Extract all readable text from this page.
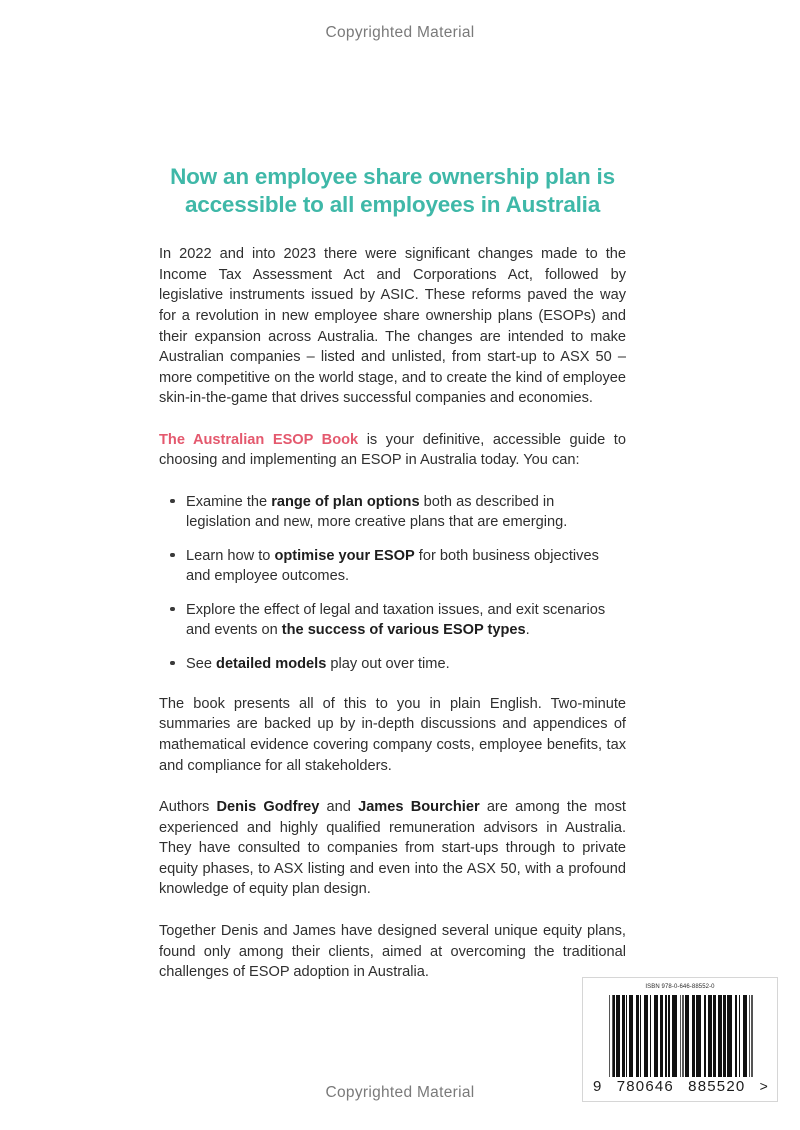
Copyrighted Material
Now an employee share ownership plan is
accessible to all employees in Australia

In 2022 and into 2023 there were significant changes made to the Income Tax Assessment Act and Corporations Act, followed by legislative instruments issued by ASIC. These reforms paved the way for a revolution in new employee share ownership plans (ESOPs) and their expansion across Australia. The changes are intended to make Australian companies – listed and unlisted, from start-up to ASX 50 – more competitive on the world stage, and to create the kind of employee skin-in-the-game that drives successful companies and economies.

The Australian ESOP Book is your definitive, accessible guide to choosing and implementing an ESOP in Australia today. You can:

Examine the range of plan options both as described in legislation and new, more creative plans that are emerging.
Learn how to optimise your ESOP for both business objectives and employee outcomes.
Explore the effect of legal and taxation issues, and exit scenarios and events on the success of various ESOP types.
See detailed models play out over time.

The book presents all of this to you in plain English. Two-minute summaries are backed up by in-depth discussions and appendices of mathematical evidence covering company costs, employee benefits, tax and compliance for all stakeholders.

Authors Denis Godfrey and James Bourchier are among the most experienced and highly qualified remuneration advisors in Australia. They have consulted to companies from start-ups through to private equity phases, to ASX listing and even into the ASX 50, with a profound knowledge of equity plan design.

Together Denis and James have designed several unique equity plans, found only among their clients, aimed at overcoming the traditional challenges of ESOP adoption in Australia.

Copyrighted Material
ISBN 978-0-646-88552-0
9 780646 885520 >
